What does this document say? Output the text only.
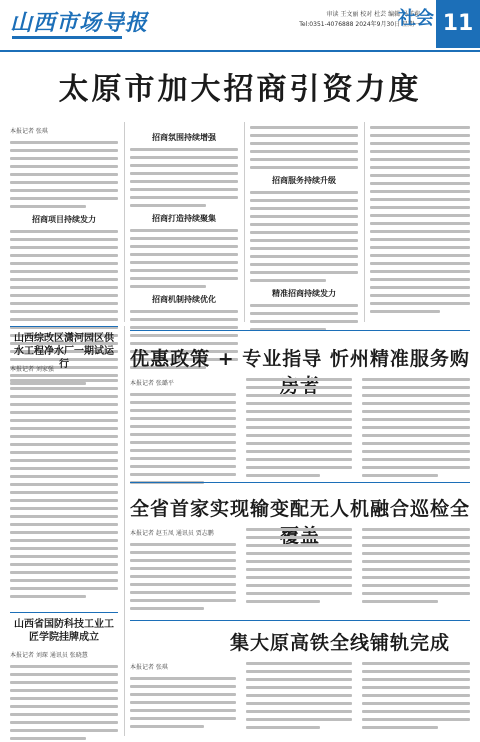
山西市场导报	审读 王文丽 校对 杜芸 编辑 马祥莉
Tel:0351-4076888 2024年9月30日 星期一
社会 11
太原市加大招商引资力度
本报记者 张琪
招商项目持续发力
招商氛围持续增强
招商打造持续聚集
招商机制持续优化
招商服务持续升级
精准招商持续发力
山西综改区潇河园区供水工程净水厂一期试运行
本报记者 刘家强
山西省国防科技工业工匠学院挂牌成立
本报记者 刘琛 通讯员 张晓慧
优惠政策 + 专业指导 忻州精准服务购
本报记者 张璐平
全省首家实现输变配无人机融合巡检全
本报记者 赵玉凤 通讯员 贾志鹏
集大原高铁全线铺轨完成
本报记者 张琪
